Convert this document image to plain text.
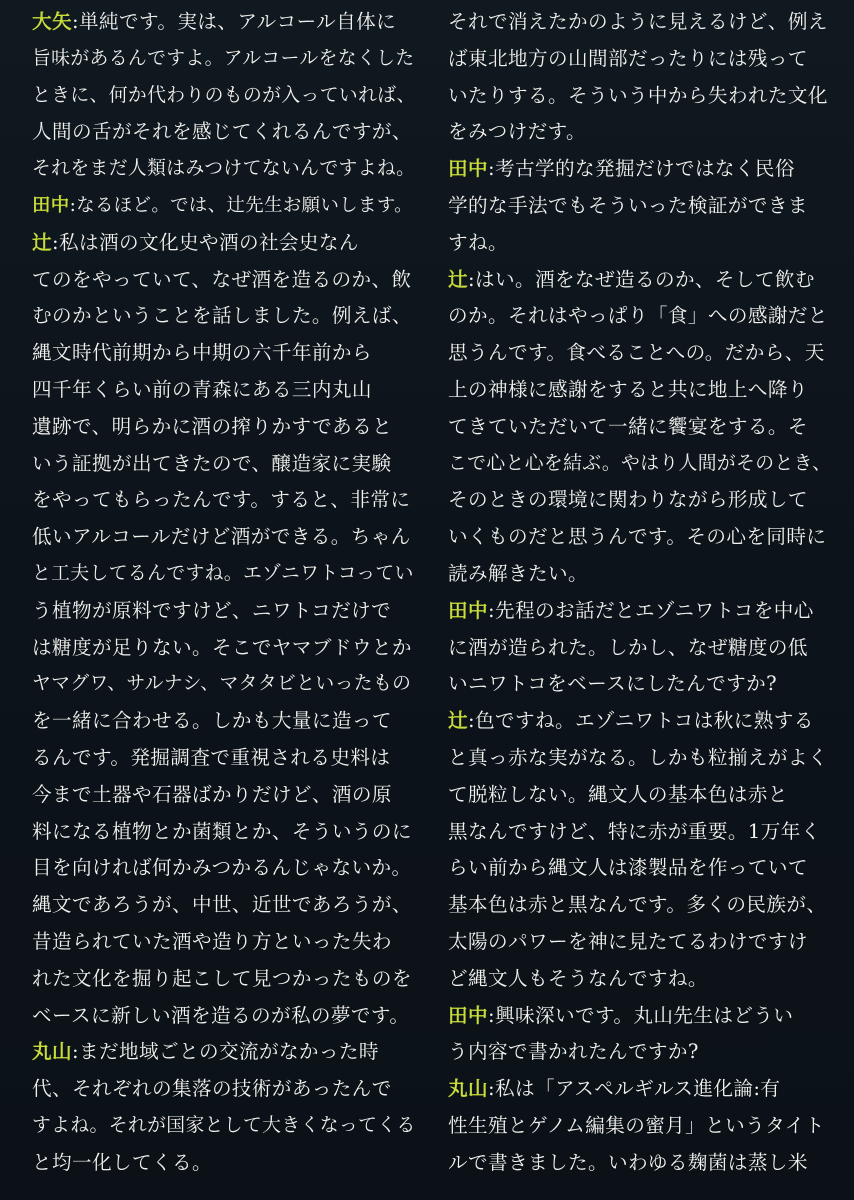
大矢:単純です。実は、アルコール自体に
旨味があるんですよ。アルコールをなくした
ときに、何か代わりのものが入っていれば、
人間の舌がそれを感じてくれるんですが、
それをまだ人類はみつけてないんですよね。
田中:なるほど。では、辻先生お願いします。
辻:私は酒の文化史や酒の社会史なん
てのをやっていて、なぜ酒を造るのか、飲
むのかということを話しました。例えば、
縄文時代前期から中期の六千年前から
四千年くらい前の青森にある三内丸山
遺跡で、明らかに酒の搾りかすであると
いう証拠が出てきたので、醸造家に実験
をやってもらったんです。すると、非常に
低いアルコールだけど酒ができる。ちゃん
と工夫してるんですね。エゾニワトコってい
う植物が原料ですけど、ニワトコだけで
は糖度が足りない。そこでヤマブドウとか
ヤマグワ、サルナシ、マタタビといったもの
を一緒に合わせる。しかも大量に造って
るんです。発掘調査で重視される史料は
今まで土器や石器ばかりだけど、酒の原
料になる植物とか菌類とか、そういうのに
目を向ければ何かみつかるんじゃないか。
縄文であろうが、中世、近世であろうが、
昔造られていた酒や造り方といった失わ
れた文化を掘り起こして見つかったものを
ベースに新しい酒を造るのが私の夢です。
丸山:まだ地域ごとの交流がなかった時
代、それぞれの集落の技術があったんで
すよね。それが国家として大きくなってくる
と均一化してくる。
それで消えたかのように見えるけど、例え
ば東北地方の山間部だったりには残って
いたりする。そういう中から失われた文化
をみつけだす。
田中:考古学的な発掘だけではなく民俗
学的な手法でもそういった検証ができま
すね。
辻:はい。酒をなぜ造るのか、そして飲む
のか。それはやっぱり「食」への感謝だと
思うんです。食べることへの。だから、天
上の神様に感謝をすると共に地上へ降り
てきていただいて一緒に饗宴をする。そ
こで心と心を結ぶ。やはり人間がそのとき、
そのときの環境に関わりながら形成して
いくものだと思うんです。その心を同時に
読み解きたい。
田中:先程のお話だとエゾニワトコを中心
に酒が造られた。しかし、なぜ糖度の低
いニワトコをベースにしたんですか?
辻:色ですね。エゾニワトコは秋に熟する
と真っ赤な実がなる。しかも粒揃えがよく
て脱粒しない。縄文人の基本色は赤と
黒なんですけど、特に赤が重要。1万年く
らい前から縄文人は漆製品を作っていて
基本色は赤と黒なんです。多くの民族が、
太陽のパワーを神に見たてるわけですけ
ど縄文人もそうなんですね。
田中:興味深いです。丸山先生はどうい
う内容で書かれたんですか?
丸山:私は「アスペルギルス進化論:有
性生殖とゲノム編集の蜜月」というタイト
ルで書きました。いわゆる麹菌は蒸し米
